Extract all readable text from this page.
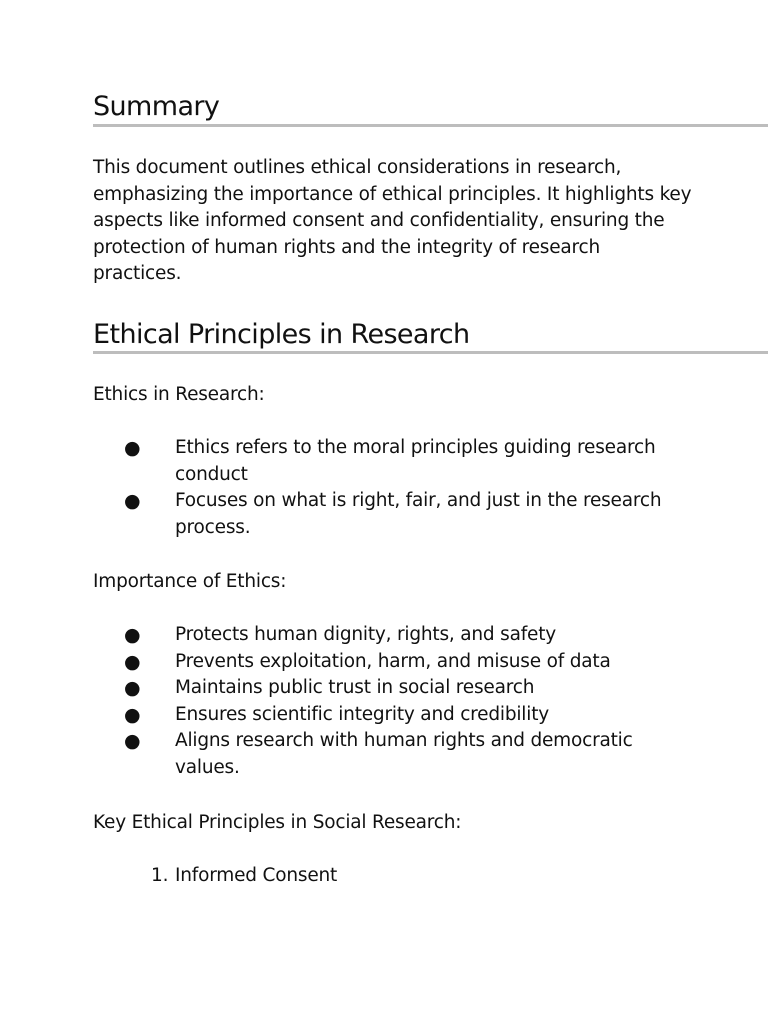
Summary

This document outlines ethical considerations in research, emphasizing the importance of ethical principles. It highlights key aspects like informed consent and confidentiality, ensuring the protection of human rights and the integrity of research practices.

Ethical Principles in Research

Ethics in Research:

● Ethics refers to the moral principles guiding research conduct
● Focuses on what is right, fair, and just in the research process.

Importance of Ethics:

● Protects human dignity, rights, and safety
● Prevents exploitation, harm, and misuse of data
● Maintains public trust in social research
● Ensures scientific integrity and credibility
● Aligns research with human rights and democratic values.

Key Ethical Principles in Social Research:

1. Informed Consent
